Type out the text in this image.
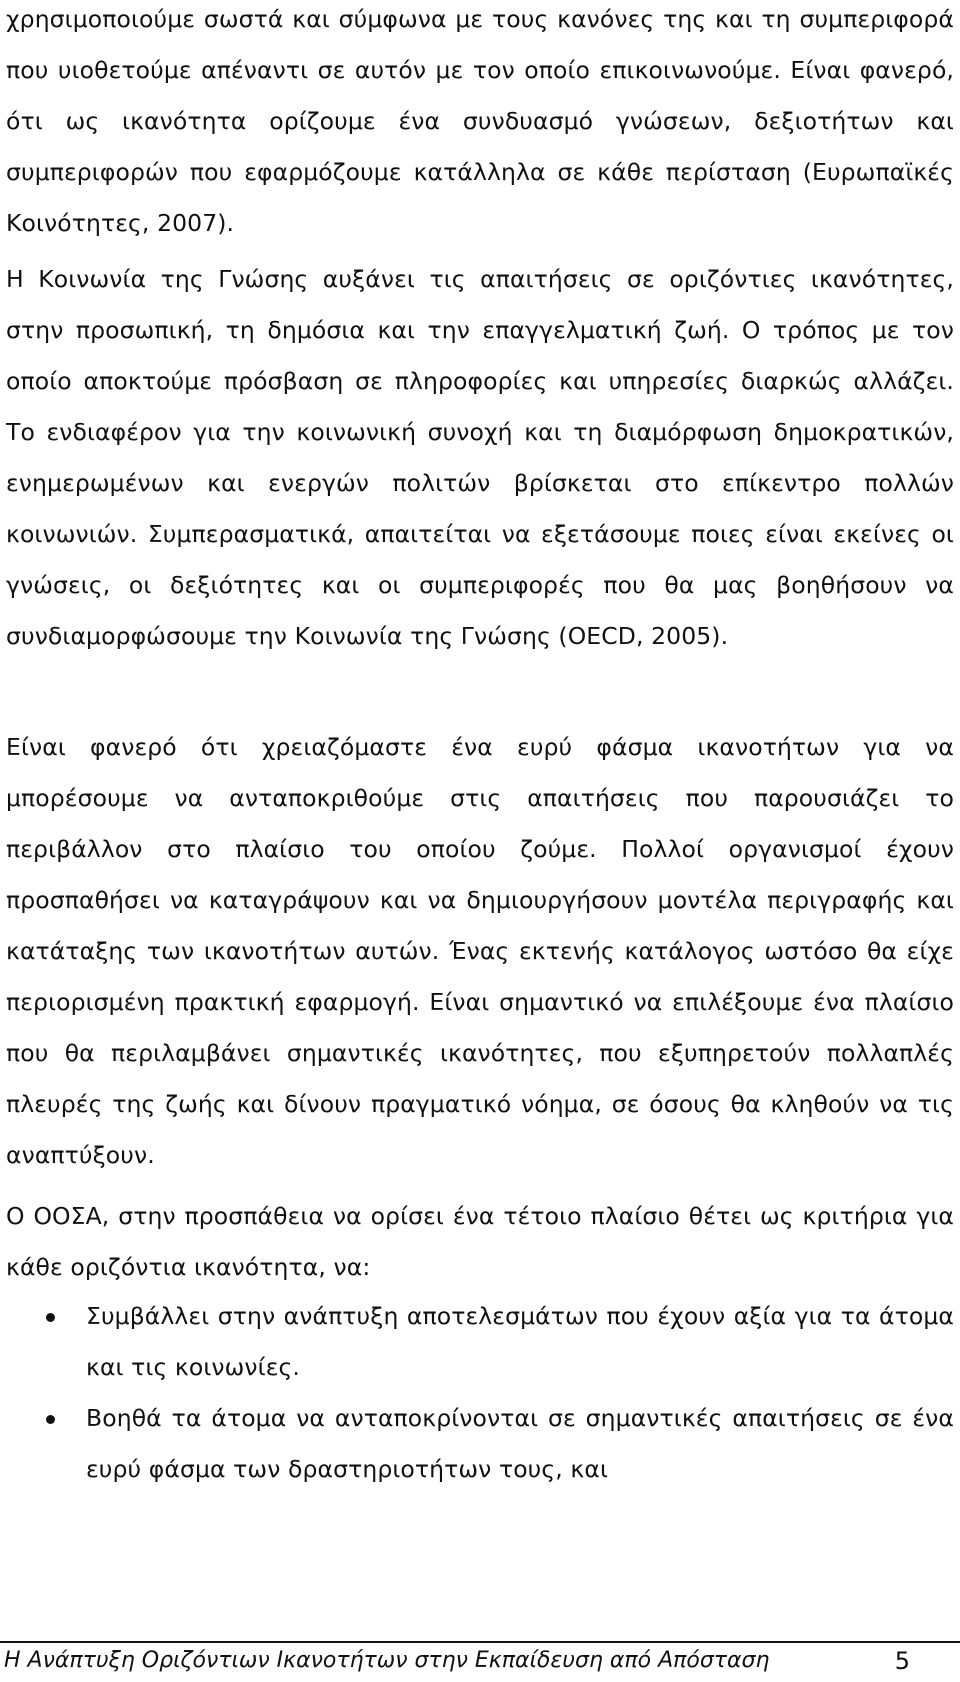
χρησιμοποιούμε σωστά και σύμφωνα με τους κανόνες της και τη συμπεριφορά που υιοθετούμε απέναντι σε αυτόν με τον οποίο επικοινωνούμε. Είναι φανερό, ότι ως ικανότητα ορίζουμε ένα συνδυασμό γνώσεων, δεξιοτήτων και συμπεριφορών που εφαρμόζουμε κατάλληλα σε κάθε περίσταση (Ευρωπαϊκές Κοινότητες, 2007).

Η Κοινωνία της Γνώσης αυξάνει τις απαιτήσεις σε οριζόντιες ικανότητες, στην προσωπική, τη δημόσια και την επαγγελματική ζωή. Ο τρόπος με τον οποίο αποκτούμε πρόσβαση σε πληροφορίες και υπηρεσίες διαρκώς αλλάζει. Το ενδιαφέρον για την κοινωνική συνοχή και τη διαμόρφωση δημοκρατικών, ενημερωμένων και ενεργών πολιτών βρίσκεται στο επίκεντρο πολλών κοινωνιών. Συμπερασματικά, απαιτείται να εξετάσουμε ποιες είναι εκείνες οι γνώσεις, οι δεξιότητες και οι συμπεριφορές που θα μας βοηθήσουν να συνδιαμορφώσουμε την Κοινωνία της Γνώσης (OECD, 2005).

Είναι φανερό ότι χρειαζόμαστε ένα ευρύ φάσμα ικανοτήτων για να μπορέσουμε να ανταποκριθούμε στις απαιτήσεις που παρουσιάζει το περιβάλλον στο πλαίσιο του οποίου ζούμε. Πολλοί οργανισμοί έχουν προσπαθήσει να καταγράψουν και να δημιουργήσουν μοντέλα περιγραφής και κατάταξης των ικανοτήτων αυτών. Ένας εκτενής κατάλογος ωστόσο θα είχε περιορισμένη πρακτική εφαρμογή. Είναι σημαντικό να επιλέξουμε ένα πλαίσιο που θα περιλαμβάνει σημαντικές ικανότητες, που εξυπηρετούν πολλαπλές πλευρές της ζωής και δίνουν πραγματικό νόημα, σε όσους θα κληθούν να τις αναπτύξουν.

Ο ΟΟΣΑ, στην προσπάθεια να ορίσει ένα τέτοιο πλαίσιο θέτει ως κριτήρια για κάθε οριζόντια ικανότητα, να:

Συμβάλλει στην ανάπτυξη αποτελεσμάτων που έχουν αξία για τα άτομα και τις κοινωνίες.

Βοηθά τα άτομα να ανταποκρίνονται σε σημαντικές απαιτήσεις σε ένα ευρύ φάσμα των δραστηριοτήτων τους, και

Η Ανάπτυξη Οριζόντιων Ικανοτήτων στην Εκπαίδευση από Απόσταση	5
